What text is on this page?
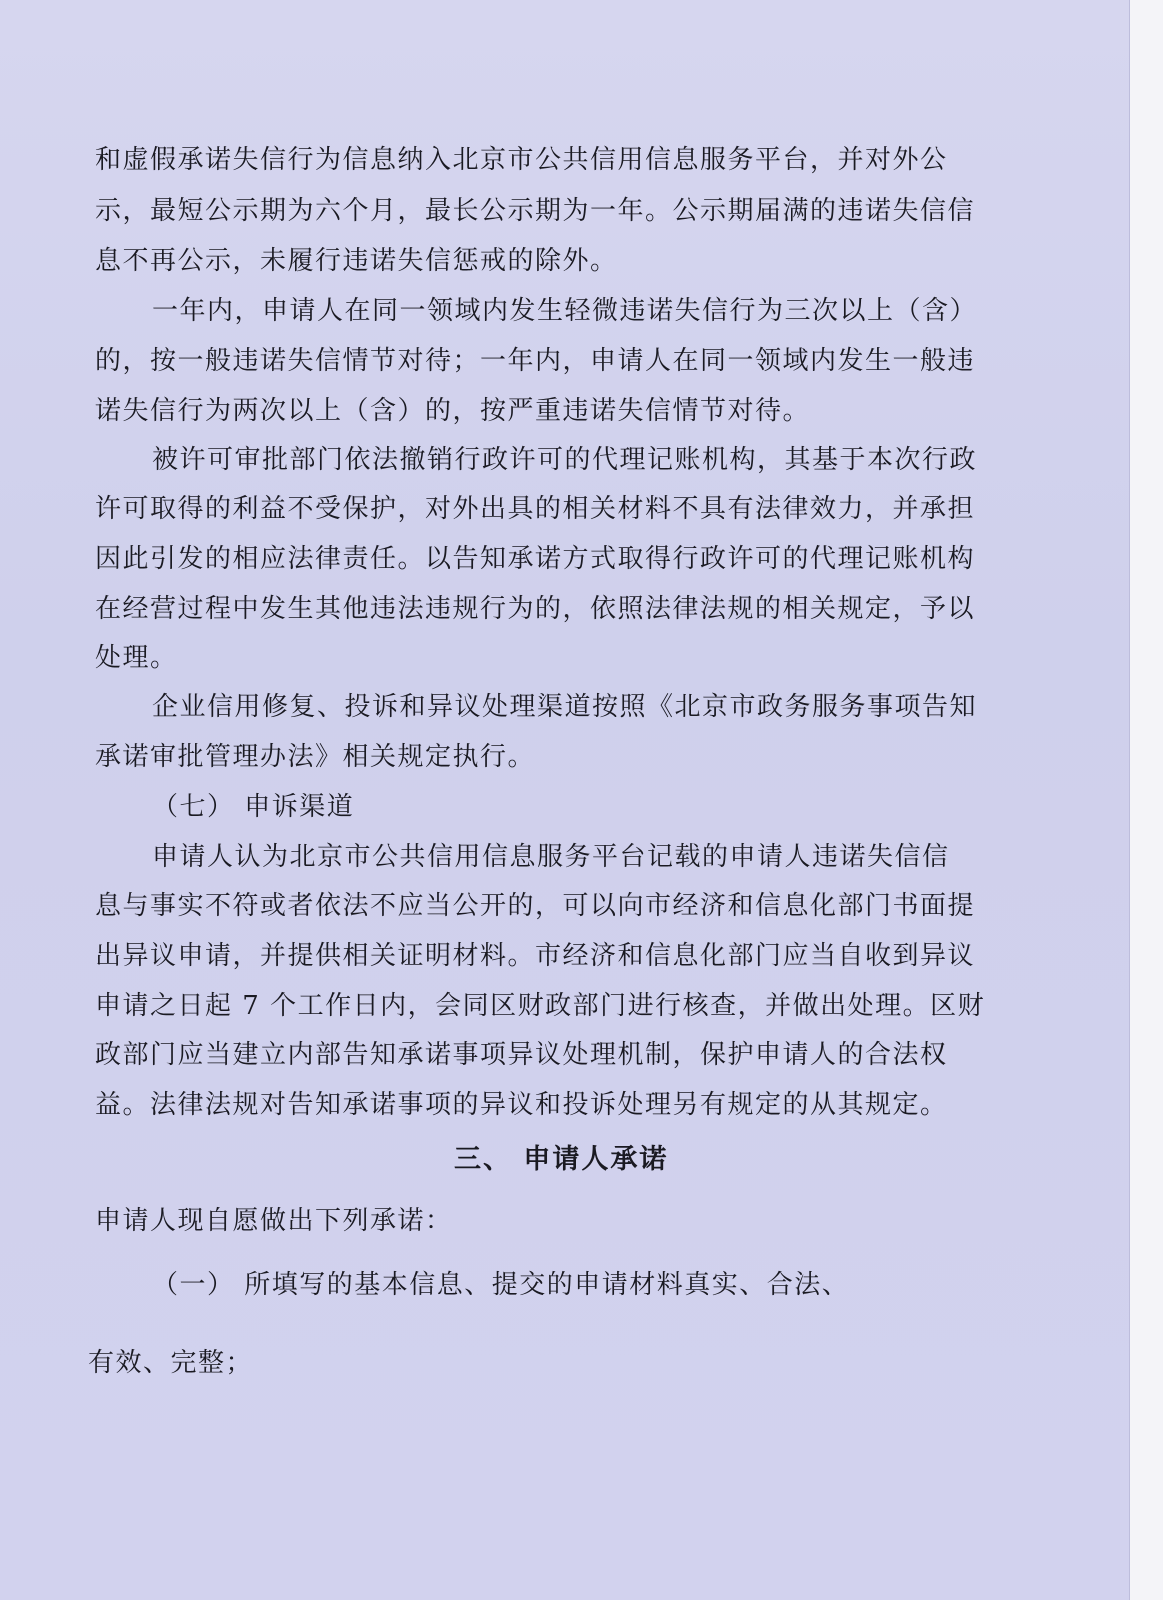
和虚假承诺失信行为信息纳入北京市公共信用信息服务平台，并对外公
示，最短公示期为六个月，最长公示期为一年。公示期届满的违诺失信信
息不再公示，未履行违诺失信惩戒的除外。
一年内，申请人在同一领域内发生轻微违诺失信行为三次以上（含）
的，按一般违诺失信情节对待；一年内，申请人在同一领域内发生一般违
诺失信行为两次以上（含）的，按严重违诺失信情节对待。
被许可审批部门依法撤销行政许可的代理记账机构，其基于本次行政
许可取得的利益不受保护，对外出具的相关材料不具有法律效力，并承担
因此引发的相应法律责任。以告知承诺方式取得行政许可的代理记账机构
在经营过程中发生其他违法违规行为的，依照法律法规的相关规定，予以
处理。
企业信用修复、投诉和异议处理渠道按照《北京市政务服务事项告知
承诺审批管理办法》相关规定执行。
（七） 申诉渠道
申请人认为北京市公共信用信息服务平台记载的申请人违诺失信信
息与事实不符或者依法不应当公开的，可以向市经济和信息化部门书面提
出异议申请，并提供相关证明材料。市经济和信息化部门应当自收到异议
申请之日起 7 个工作日内，会同区财政部门进行核查，并做出处理。区财
政部门应当建立内部告知承诺事项异议处理机制，保护申请人的合法权
益。法律法规对告知承诺事项的异议和投诉处理另有规定的从其规定。
三、 申请人承诺
申请人现自愿做出下列承诺：
（一） 所填写的基本信息、提交的申请材料真实、合法、
有效、完整；
